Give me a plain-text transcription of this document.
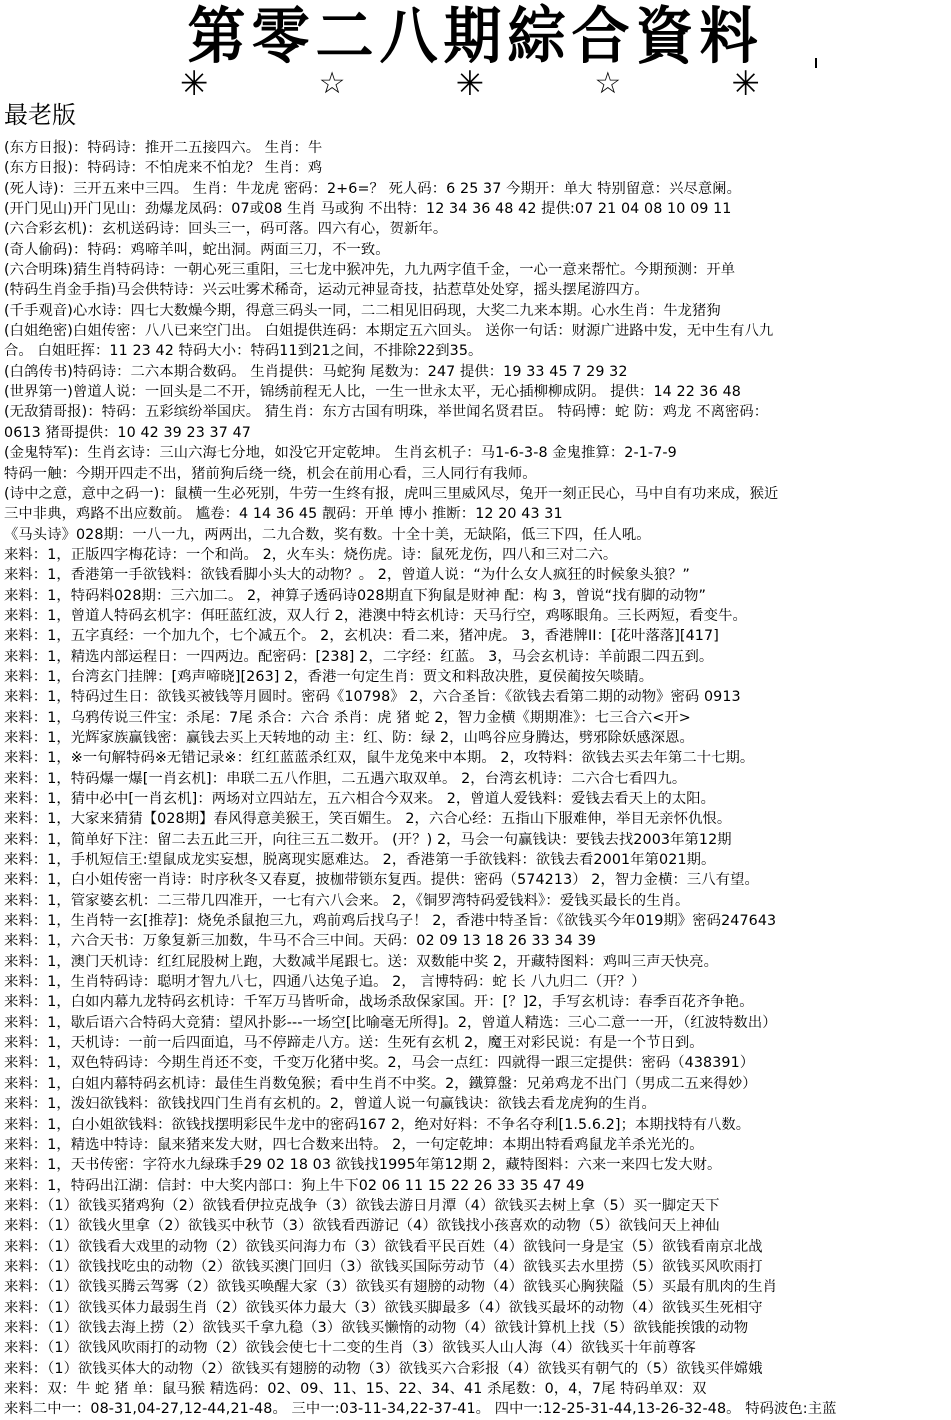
第零二八期綜合資料
✳	☆	✳	☆	✳
最老版
(东方日报)：特码诗：推开二五接四六。 生肖：牛
(东方日报)：特码诗：不怕虎来不怕龙？ 生肖：鸡
(死人诗)：三开五来中三四。 生肖：牛龙虎 密码：2+6=？ 死人码：6 25 37 今期开：单大 特别留意：兴尽意阑。
(开门见山)开门见山：劲爆龙凤码：07或08 生肖 马或狗 不出特：12 34 36 48 42 提供:07 21 04 08 10 09 11
(六合彩玄机)：玄机送码诗：回头三一，码可落。四六有心，贺新年。
(奇人偷码)：特码：鸡啼羊叫，蛇出洞。两面三刀，不一致。
(六合明珠)猜生肖特码诗：一朝心死三重阳，三七龙中猴冲先，九九两字值千金，一心一意来帮忙。今期预测：开单
(特码生肖金手指)马会供特诗：兴云吐雾术稀奇，运动元神显奇技，拈惹草处处穿，摇头摆尾游四方。
(千手观音)心水诗：四七大数燥今期，得意三码头一同，二二相见旧码现，大奖二九来本期。心水生肖：牛龙猪狗
(白姐绝密)白姐传密：八八已来空门出。 白姐提供连码：本期定五六回头。 送你一句话：财源广进路中发，无中生有八九
合。 白姐旺挥：11 23 42 特码大小：特码11到21之间，不排除22到35。
(白鸽传书)特码诗：二六本期合数码。 生肖提供：马蛇狗 尾数为：247 提供：19 33 45 7 29 32
(世界第一)曾道人说：一回头是二不开，锦绣前程无人比，一生一世永太平，无心插柳柳成阴。 提供：14 22 36 48
(无敌猜哥报)：特码：五彩缤纷举国庆。 猜生肖：东方古国有明珠，举世闻名贤君臣。 特码博：蛇 防：鸡龙 不离密码：
0613 猪哥提供：10 42 39 23 37 47
(金鬼特军)：生肖玄诗：三山六海七分地，如没它开定乾坤。 生肖玄机子：马1-6-3-8 金鬼推算：2-1-7-9
特码一触：今期开四走不出，猪前狗后绕一绕，机会在前用心看，三人同行有我师。
(诗中之意，意中之码一)：鼠横一生必死别，牛劳一生终有报，虎叫三里威风尽，兔开一刻正民心，马中自有功来成，猴近
三中非典，鸡路不出应数前。 尴卷：4 14 36 45 靓码：开单 博小 推断：12 20 43 31
《马头诗》028期：一八一九，两两出，二九合数，奖有数。十全十美，无缺陷，低三下四，任人吼。
来料：1，正版四字梅花诗：一个和尚。 2，火车头：烧伤虎。诗：鼠死龙伤，四八和三对二六。
来料：1，香港第一手欲钱料：欲钱看脚小头大的动物？。 2，曾道人说：“为什么女人疯狂的时候象头狼？”
来料：1，特码料028期：三六加二。 2，神算子透码诗028期直下狗鼠是财神 配：构 3，曾说“找有脚的动物”
来料：1，曾道人特码玄机字：佴旺蓝红波，双人行 2，港澳中特玄机诗：天马行空，鸡啄眼角。三长两短，看变牛。
来料：1，五字真经：一个加九个，七个减五个。 2，玄机决：看二来，猪冲虎。 3，香港牌II：[花叶落落][417]
来料：1，精选内部运程日：一四两边。配密码：[238] 2，二字经：红蓝。 3，马会玄机诗：羊前跟二四五到。
来料：1，台湾玄门挂牌：[鸡声啼晓][263] 2，香港一句定生肖：贾文和料敌决胜，夏侯蔺按矢啖睛。
来料：1，特码过生日：欲钱买被钱等月圆时。密码《10798》 2，六合圣旨：《欲钱去看第二期的动物》密码 0913
来料：1，乌鸦传说三件宝：杀尾：7尾 杀合：六合 杀肖：虎 猪 蛇 2，智力金横《期期准》：七三合六<开>
来料：1，光辉家族赢钱密：赢钱去买上天转地的动 主：红、防：绿 2，山鸣谷应身腾达，劈邪除妖感深恩。
来料：1，※一句解特码※无错记录※：红红蓝蓝杀红双，鼠牛龙兔来中本期。 2，攻特料：欲钱去买去年第二十七期。
来料：1，特码爆一爆[一肖玄机]：串联二五八作胆，二五遇六取双单。 2，台湾玄机诗：二六合七看四九。
来料：1，猜中必中[一肖玄机]：两场对立四站左，五六相合今双来。 2，曾道人爱钱料：爱钱去看天上的太阳。
来料：1，大家来猜猜【028期】春风得意美猴王，笑百媚生。 2，六合心经：五指山下服难伸，举目无亲怀仇恨。
来料：1，简单好下注：留二去五此三开，向往三五二数开。 (开？) 2，马会一句赢钱诀：要钱去找2003年第12期
来料：1，手机短信王:望鼠成龙实妄想，脱离现实愿难达。 2，香港第一手欲钱料：欲钱去看2001年第021期。
来料：1，白小姐传密一肖诗：时序秋冬又春夏，披枷带锁东复西。提供：密码（574213） 2，智力金横：三八有望。
来料：1，管家婆玄机：二三带几四准开，一七有六八会来。 2，《铜罗湾特码爱钱料》：爱钱买最长的生肖。
来料：1，生肖特一玄[推荐]：烧免杀鼠抱三九，鸡前鸡后找乌子！ 2，香港中特圣旨：《欲钱买今年019期》密码247643
来料：1，六合天书：万象复新三加数，牛马不合三中间。天码：02 09 13 18 26 33 34 39
来料：1，澳门天机诗：红红屁股树上跑，大数减半尾跟七。送：双数能中奖 2，开藏特图料：鸡叫三声天快亮。
来料：1，生肖特码诗：聪明才智九八七，四通八达兔子追。 2， 言博特码：蛇 长 八九归二（开？）
来料：1，白如内幕九龙特码玄机诗：千军万马皆听命，战场杀敌保家国。开：[？]2，手写玄机诗：春季百花齐争艳。
来料：1，歇后语六合特码大竞猜：望风扑影---一场空[比喻毫无所得]。2，曾道人精选：三心二意一一开，（红波特数出）
来料：1，天机诗：一前一后四面追，马不停蹄走八方。送：生死有玄机 2，魔王对彩民说：有是一个节日到。
来料：1，双色特码诗：今期生肖还不变，千变万化猪中奖。2，马会一点红：四就得一跟三定提供：密码（438391）
来料：1，白姐内幕特码玄机诗：最佳生肖数兔猴；看中生肖不中奖。2，鐵算盤：兄弟鸡龙不出门（男成二五来得妙）
来料：1，泼妇欲钱料：欲钱找四门生肖有玄机的。2，曾道人说一句赢钱诀：欲钱去看龙虎狗的生肖。
来料：1，白小姐欲钱料：欲钱找摆明彩民牛龙中的密码167 2，绝对好料：不争名夺利[1.5.6.2]；本期找特有八数。
来料：1，精选中特诗：鼠来猪来发大财，四七合数来出特。 2，一句定乾坤：本期出特看鸡鼠龙羊杀光光的。
来料：1，天书传密：字符水九绿珠手29 02 18 03 欲钱找1995年第12期 2，藏特图料：六来一来四七发大财。
来料：1，特码出江湖：信封：中大奖内部口：狗上牛下02 06 11 15 22 26 33 35 47 49
来料：（1）欲钱买猪鸡狗（2）欲钱看伊拉克战争（3）欲钱去游日月潭（4）欲钱买去树上拿（5）买一脚定天下
来料：（1）欲钱火里拿（2）欲钱买中秋节（3）欲钱看西游记（4）欲钱找小孩喜欢的动物（5）欲钱问天上神仙
来料：（1）欲钱看大戏里的动物（2）欲钱买问海力布（3）欲钱看平民百姓（4）欲钱问一身是宝（5）欲钱看南京北战
来料：（1）欲钱找吃虫的动物（2）欲钱买澳门回归（3）欲钱买国际劳动节（4）欲钱买去水里捞（5）欲钱买风吹雨打
来料：（1）欲钱买腾云驾雾（2）欲钱买唤醒大家（3）欲钱买有翅膀的动物（4）欲钱买心胸狭隘（5）买最有肌肉的生肖
来料：（1）欲钱买体力最弱生肖（2）欲钱买体力最大（3）欲钱买脚最多（4）欲钱买最坏的动物（4）欲钱买生死相守
来料：（1）欲钱去海上捞（2）欲钱买千拿九稳（3）欲钱买懒惰的动物（4）欲钱计算机上找（5）欲钱能挨饿的动物
来料：（1）欲钱风吹雨打的动物（2）欲钱会使七十二变的生肖（3）欲钱买人山人海（4）欲钱买十年前尊客
来料：（1）欲钱买体大的动物（2）欲钱买有翅膀的动物（3）欲钱买六合彩报（4）欲钱买有朝气的（5）欲钱买伴嫦娥
来料：双：牛 蛇 猪 单：鼠马猴 精选码：02、09、11、15、22、34、41 杀尾数：0，4，7尾 特码单双：双
来料二中一：08-31,04-27,12-44,21-48。 三中一:03-11-34,22-37-41。 四中一:12-25-31-44,13-26-32-48。 特码波色:主蓝
